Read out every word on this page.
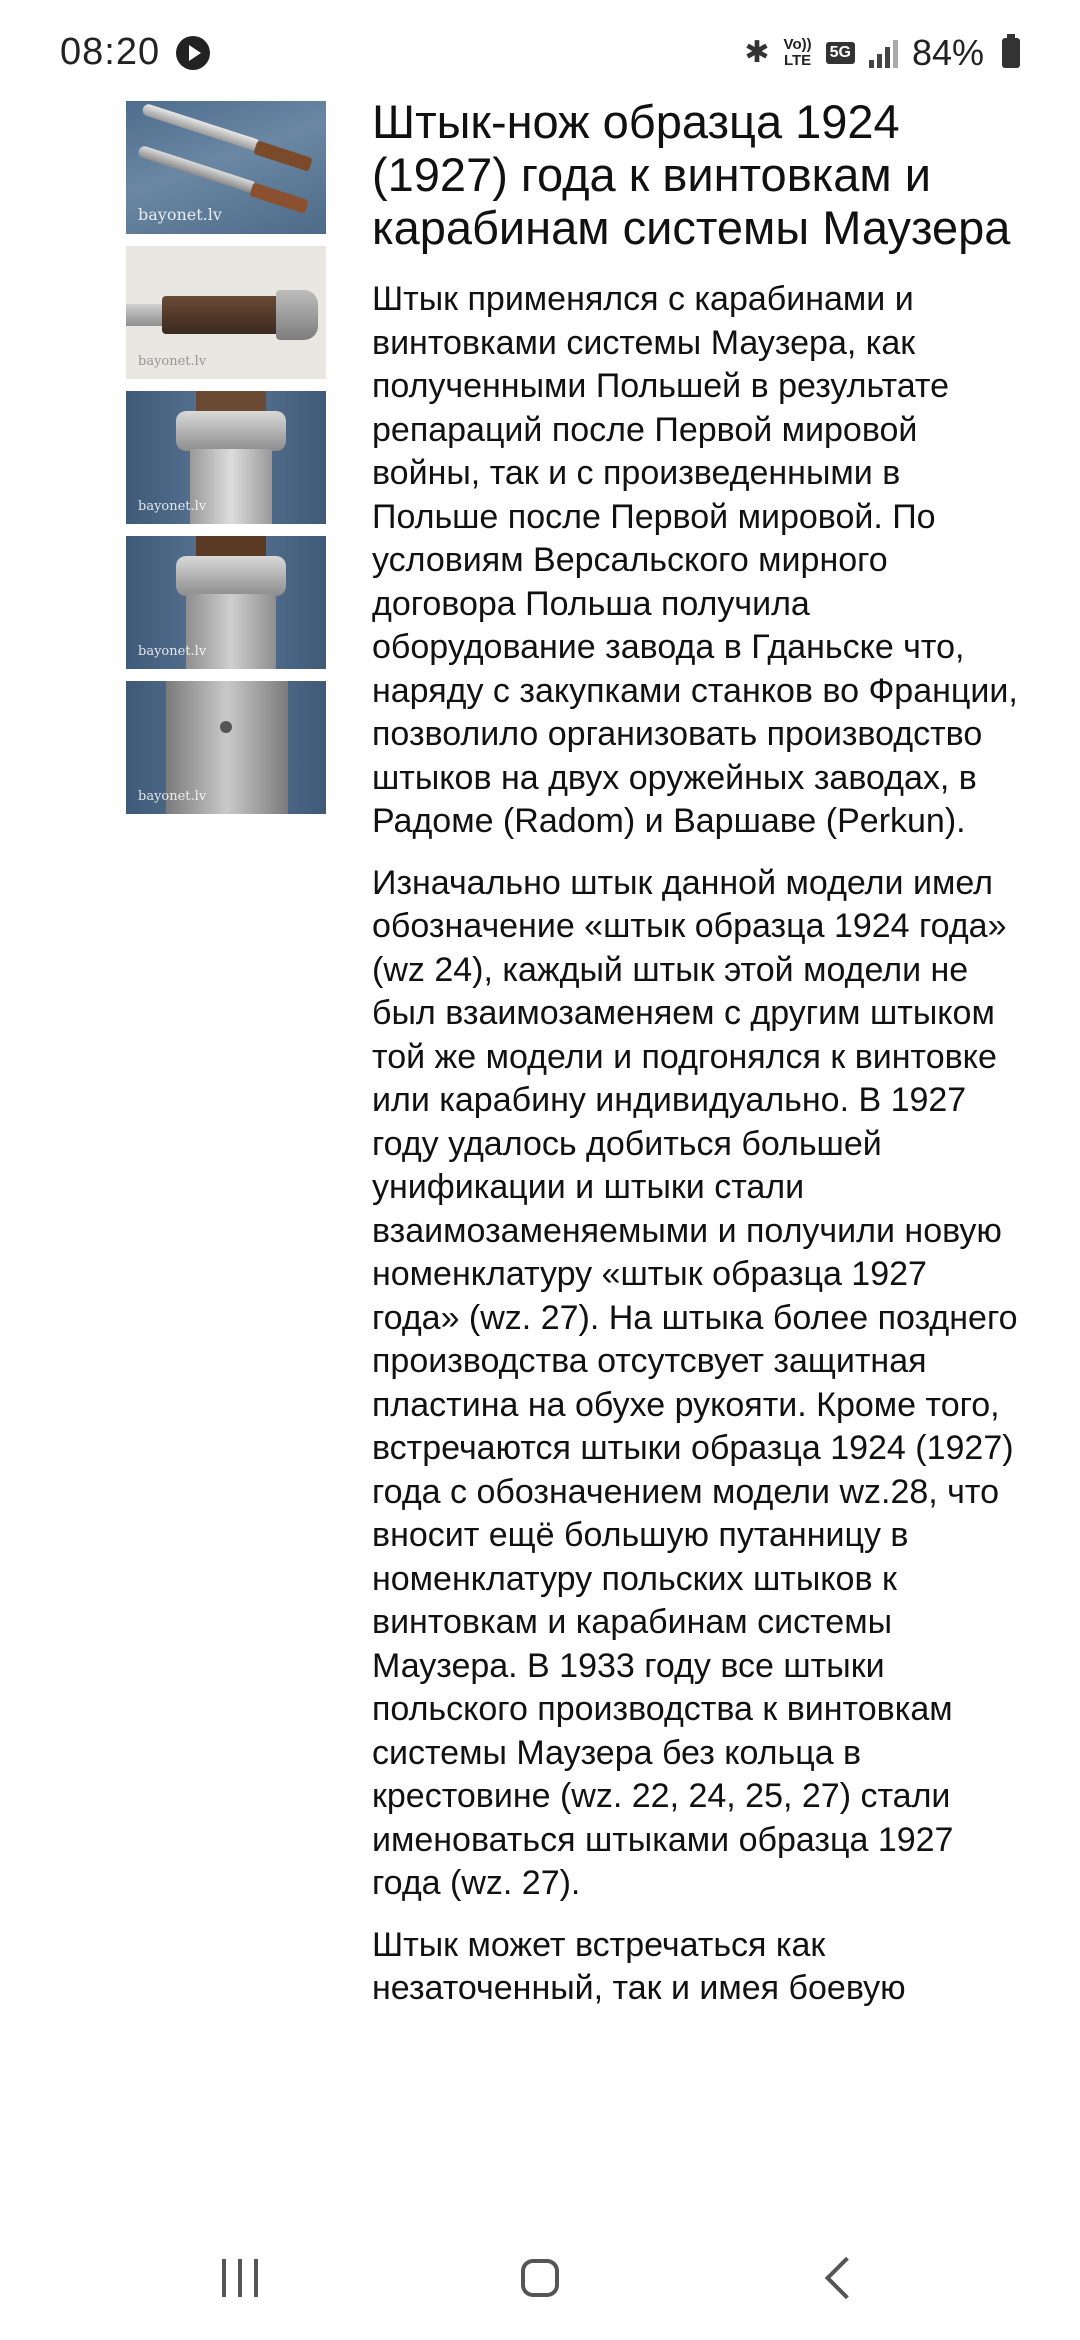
08:20	✱ Vo))
LTE 5G 84%
bayonet.lv
bayonet.lv
bayonet.lv
bayonet.lv
bayonet.lv
Штык-нож образца 1924 (1927) года к винтовкам и карабинам системы Маузера

Штык применялся с карабинами и винтовками системы Маузера, как полученными Польшей в результате репараций после Первой мировой войны, так и с произведенными в Польше после Первой мировой. По условиям Версальского мирного договора Польша получила оборудование завода в Гданьске что, наряду с закупками станков во Франции, позволило организовать производство штыков на двух оружейных заводах, в Радоме (Radom) и Варшаве (Perkun).

Изначально штык данной модели имел обозначение «штык образца 1924 года» (wz 24), каждый штык этой модели не был взаимозаменяем с другим штыком той же модели и подгонялся к винтовке или карабину индивидуально. В 1927 году удалось добиться большей унификации и штыки стали взаимозаменяемыми и получили новую номенклатуру «штык образца 1927 года» (wz. 27). На штыка более позднего производства отсутсвует защитная пластина на обухе рукояти. Кроме того, встречаются штыки образца 1924 (1927) года с обозначением модели wz.28, что вносит ещё большую путанницу в номенклатуру польских штыков к винтовкам и карабинам системы Маузера. В 1933 году все штыки польского производства к винтовкам системы Маузера без кольца в крестовине (wz. 22, 24, 25, 27) стали именоваться штыками образца 1927 года (wz. 27).

Штык может встречаться как незаточенный, так и имея боевую
